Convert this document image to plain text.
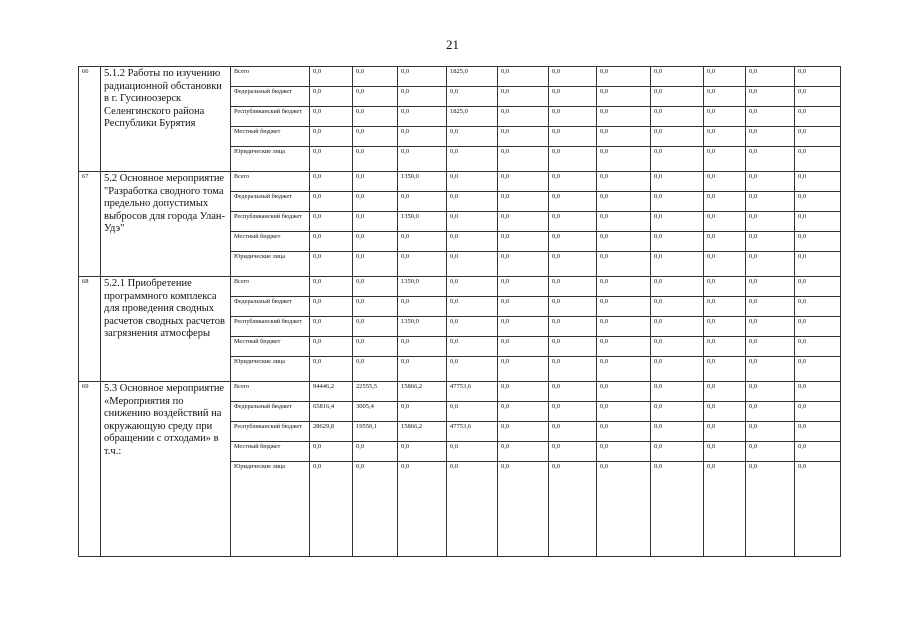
21
66	5.1.2 Работы по изучению радиационной обстановки в г. Гусиноозерск Селенгинского района Республики Бурятия	Всего	0,0	0,0	0,0	1825,0	0,0	0,0	0,0	0,0	0,0	0,0	0,0	
		Федеральный бюджет	0,0	0,0	0,0	0,0	0,0	0,0	0,0	0,0	0,0	0,0	0,0	
		Республиканский бюджет	0,0	0,0	0,0	1825,0	0,0	0,0	0,0	0,0	0,0	0,0	0,0	
		Местный бюджет	0,0	0,0	0,0	0,0	0,0	0,0	0,0	0,0	0,0	0,0	0,0	
		Юридические лица	0,0	0,0	0,0	0,0	0,0	0,0	0,0	0,0	0,0	0,0	0,0	
67	5.2 Основное мероприятие "Разработка сводного тома предельно допустимых выбросов для города Улан-Удэ"	Всего	0,0	0,0	1350,0	0,0	0,0	0,0	0,0	0,0	0,0	0,0	0,0	
		Федеральный бюджет	0,0	0,0	0,0	0,0	0,0	0,0	0,0	0,0	0,0	0,0	0,0	
		Республиканский бюджет	0,0	0,0	1350,0	0,0	0,0	0,0	0,0	0,0	0,0	0,0	0,0	
		Местный бюджет	0,0	0,0	0,0	0,0	0,0	0,0	0,0	0,0	0,0	0,0	0,0	
		Юридические лица	0,0	0,0	0,0	0,0	0,0	0,0	0,0	0,0	0,0	0,0	0,0	
68	5.2.1 Приобретение программного комплекса для проведения сводных расчетов сводных расчетов загрязнения атмосферы	Всего	0,0	0,0	1350,0	0,0	0,0	0,0	0,0	0,0	0,0	0,0	0,0	
		Федеральный бюджет	0,0	0,0	0,0	0,0	0,0	0,0	0,0	0,0	0,0	0,0	0,0	
		Республиканский бюджет	0,0	0,0	1350,0	0,0	0,0	0,0	0,0	0,0	0,0	0,0	0,0	
		Местный бюджет	0,0	0,0	0,0	0,0	0,0	0,0	0,0	0,0	0,0	0,0	0,0	
		Юридические лица	0,0	0,0	0,0	0,0	0,0	0,0	0,0	0,0	0,0	0,0	0,0	
69	5.3 Основное мероприятие «Мероприятия по снижению воздействий на окружающую среду при обращении с отходами» в т.ч.:	Всего	94446,2	22555,5	15866,2	47753,6	0,0	0,0	0,0	0,0	0,0	0,0	0,0	
		Федеральный бюджет	65816,4	3005,4	0,0	0,0	0,0	0,0	0,0	0,0	0,0	0,0	0,0	
		Республиканский бюджет	28629,8	19550,1	15866,2	47753,6	0,0	0,0	0,0	0,0	0,0	0,0	0,0	
		Местный бюджет	0,0	0,0	0,0	0,0	0,0	0,0	0,0	0,0	0,0	0,0	0,0	
		Юридические лица	0,0	0,0	0,0	0,0	0,0	0,0	0,0	0,0	0,0	0,0	0,0	
